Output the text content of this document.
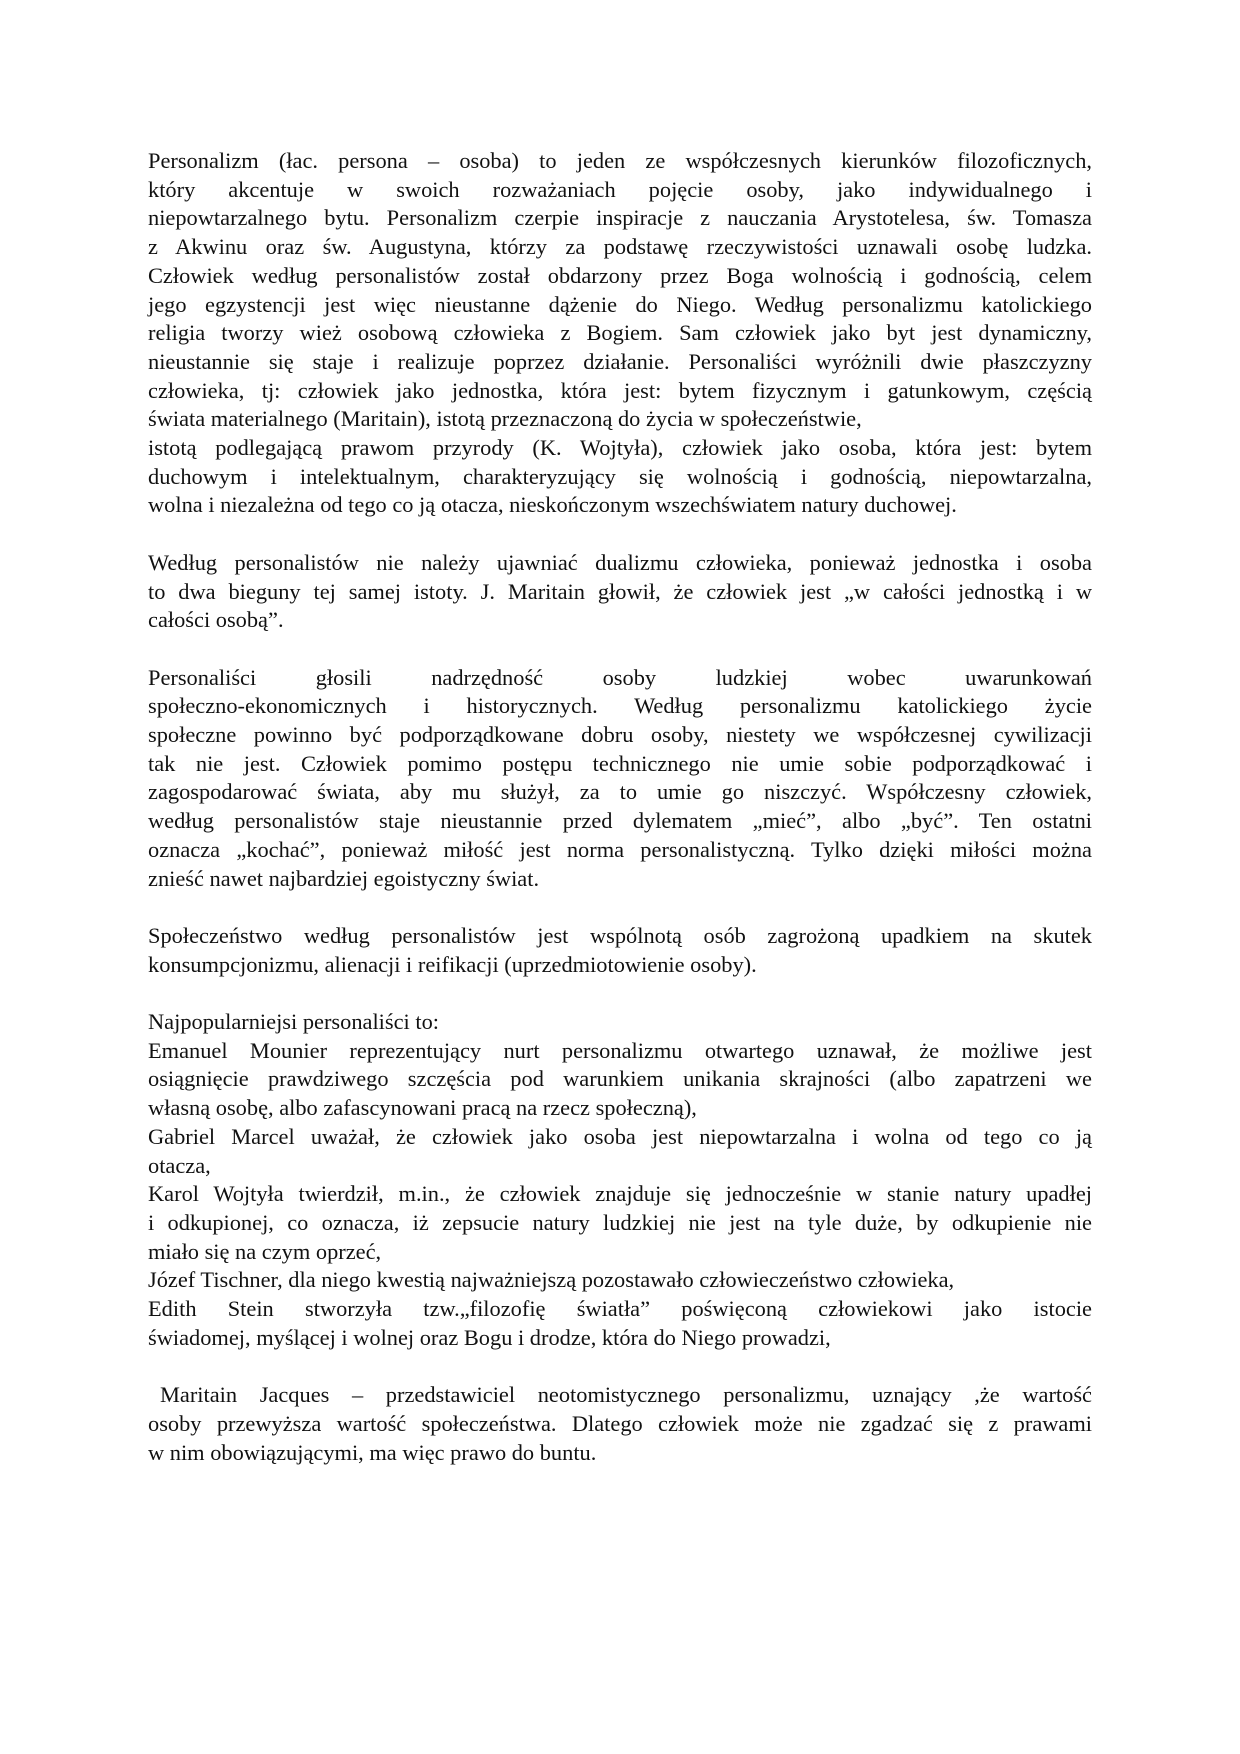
Personalizm (łac. persona – osoba) to jeden ze współczesnych kierunków filozoficznych,
który akcentuje w swoich rozważaniach pojęcie osoby, jako indywidualnego i
niepowtarzalnego bytu. Personalizm czerpie inspiracje z nauczania Arystotelesa, św. Tomasza
z Akwinu oraz św. Augustyna, którzy za podstawę rzeczywistości uznawali osobę ludzka.
Człowiek według personalistów został obdarzony przez Boga wolnością i godnością, celem
jego egzystencji jest więc nieustanne dążenie do Niego. Według personalizmu katolickiego
religia tworzy wież osobową człowieka z Bogiem. Sam człowiek jako byt jest dynamiczny,
nieustannie się staje i realizuje poprzez działanie. Personaliści wyróżnili dwie płaszczyzny
człowieka, tj: człowiek jako jednostka, która jest: bytem fizycznym i gatunkowym, częścią
świata materialnego (Maritain), istotą przeznaczoną do życia w społeczeństwie,
istotą podlegającą prawom przyrody (K. Wojtyła), człowiek jako osoba, która jest: bytem
duchowym i intelektualnym, charakteryzujący się wolnością i godnością, niepowtarzalna,
wolna i niezależna od tego co ją otacza, nieskończonym wszechświatem natury duchowej.
Według personalistów nie należy ujawniać dualizmu człowieka, ponieważ jednostka i osoba
to dwa bieguny tej samej istoty. J. Maritain głowił, że człowiek jest „w całości jednostką i w
całości osobą”.
Personaliści głosili nadrzędność osoby ludzkiej wobec uwarunkowań
społeczno-ekonomicznych i historycznych. Według personalizmu katolickiego życie
społeczne powinno być podporządkowane dobru osoby, niestety we współczesnej cywilizacji
tak nie jest. Człowiek pomimo postępu technicznego nie umie sobie podporządkować i
zagospodarować świata, aby mu służył, za to umie go niszczyć. Współczesny człowiek,
według personalistów staje nieustannie przed dylematem „mieć”, albo „być”. Ten ostatni
oznacza „kochać”, ponieważ miłość jest norma personalistyczną. Tylko dzięki miłości można
znieść nawet najbardziej egoistyczny świat.
Społeczeństwo według personalistów jest wspólnotą osób zagrożoną upadkiem na skutek
konsumpcjonizmu, alienacji i reifikacji (uprzedmiotowienie osoby).
Najpopularniejsi personaliści to:
Emanuel Mounier reprezentujący nurt personalizmu otwartego uznawał, że możliwe jest
osiągnięcie prawdziwego szczęścia pod warunkiem unikania skrajności (albo zapatrzeni we
własną osobę, albo zafascynowani pracą na rzecz społeczną),
Gabriel Marcel uważał, że człowiek jako osoba jest niepowtarzalna i wolna od tego co ją
otacza,
Karol Wojtyła twierdził, m.in., że człowiek znajduje się jednocześnie w stanie natury upadłej
i odkupionej, co oznacza, iż zepsucie natury ludzkiej nie jest na tyle duże, by odkupienie nie
miało się na czym oprzeć,
Józef Tischner, dla niego kwestią najważniejszą pozostawało człowieczeństwo człowieka,
Edith Stein stworzyła tzw.„filozofię światła” poświęconą człowiekowi jako istocie
świadomej, myślącej i wolnej oraz Bogu i drodze, która do Niego prowadzi,
Maritain Jacques – przedstawiciel neotomistycznego personalizmu, uznający ,że wartość
osoby przewyższa wartość społeczeństwa. Dlatego człowiek może nie zgadzać się z prawami
w nim obowiązującymi, ma więc prawo do buntu.
